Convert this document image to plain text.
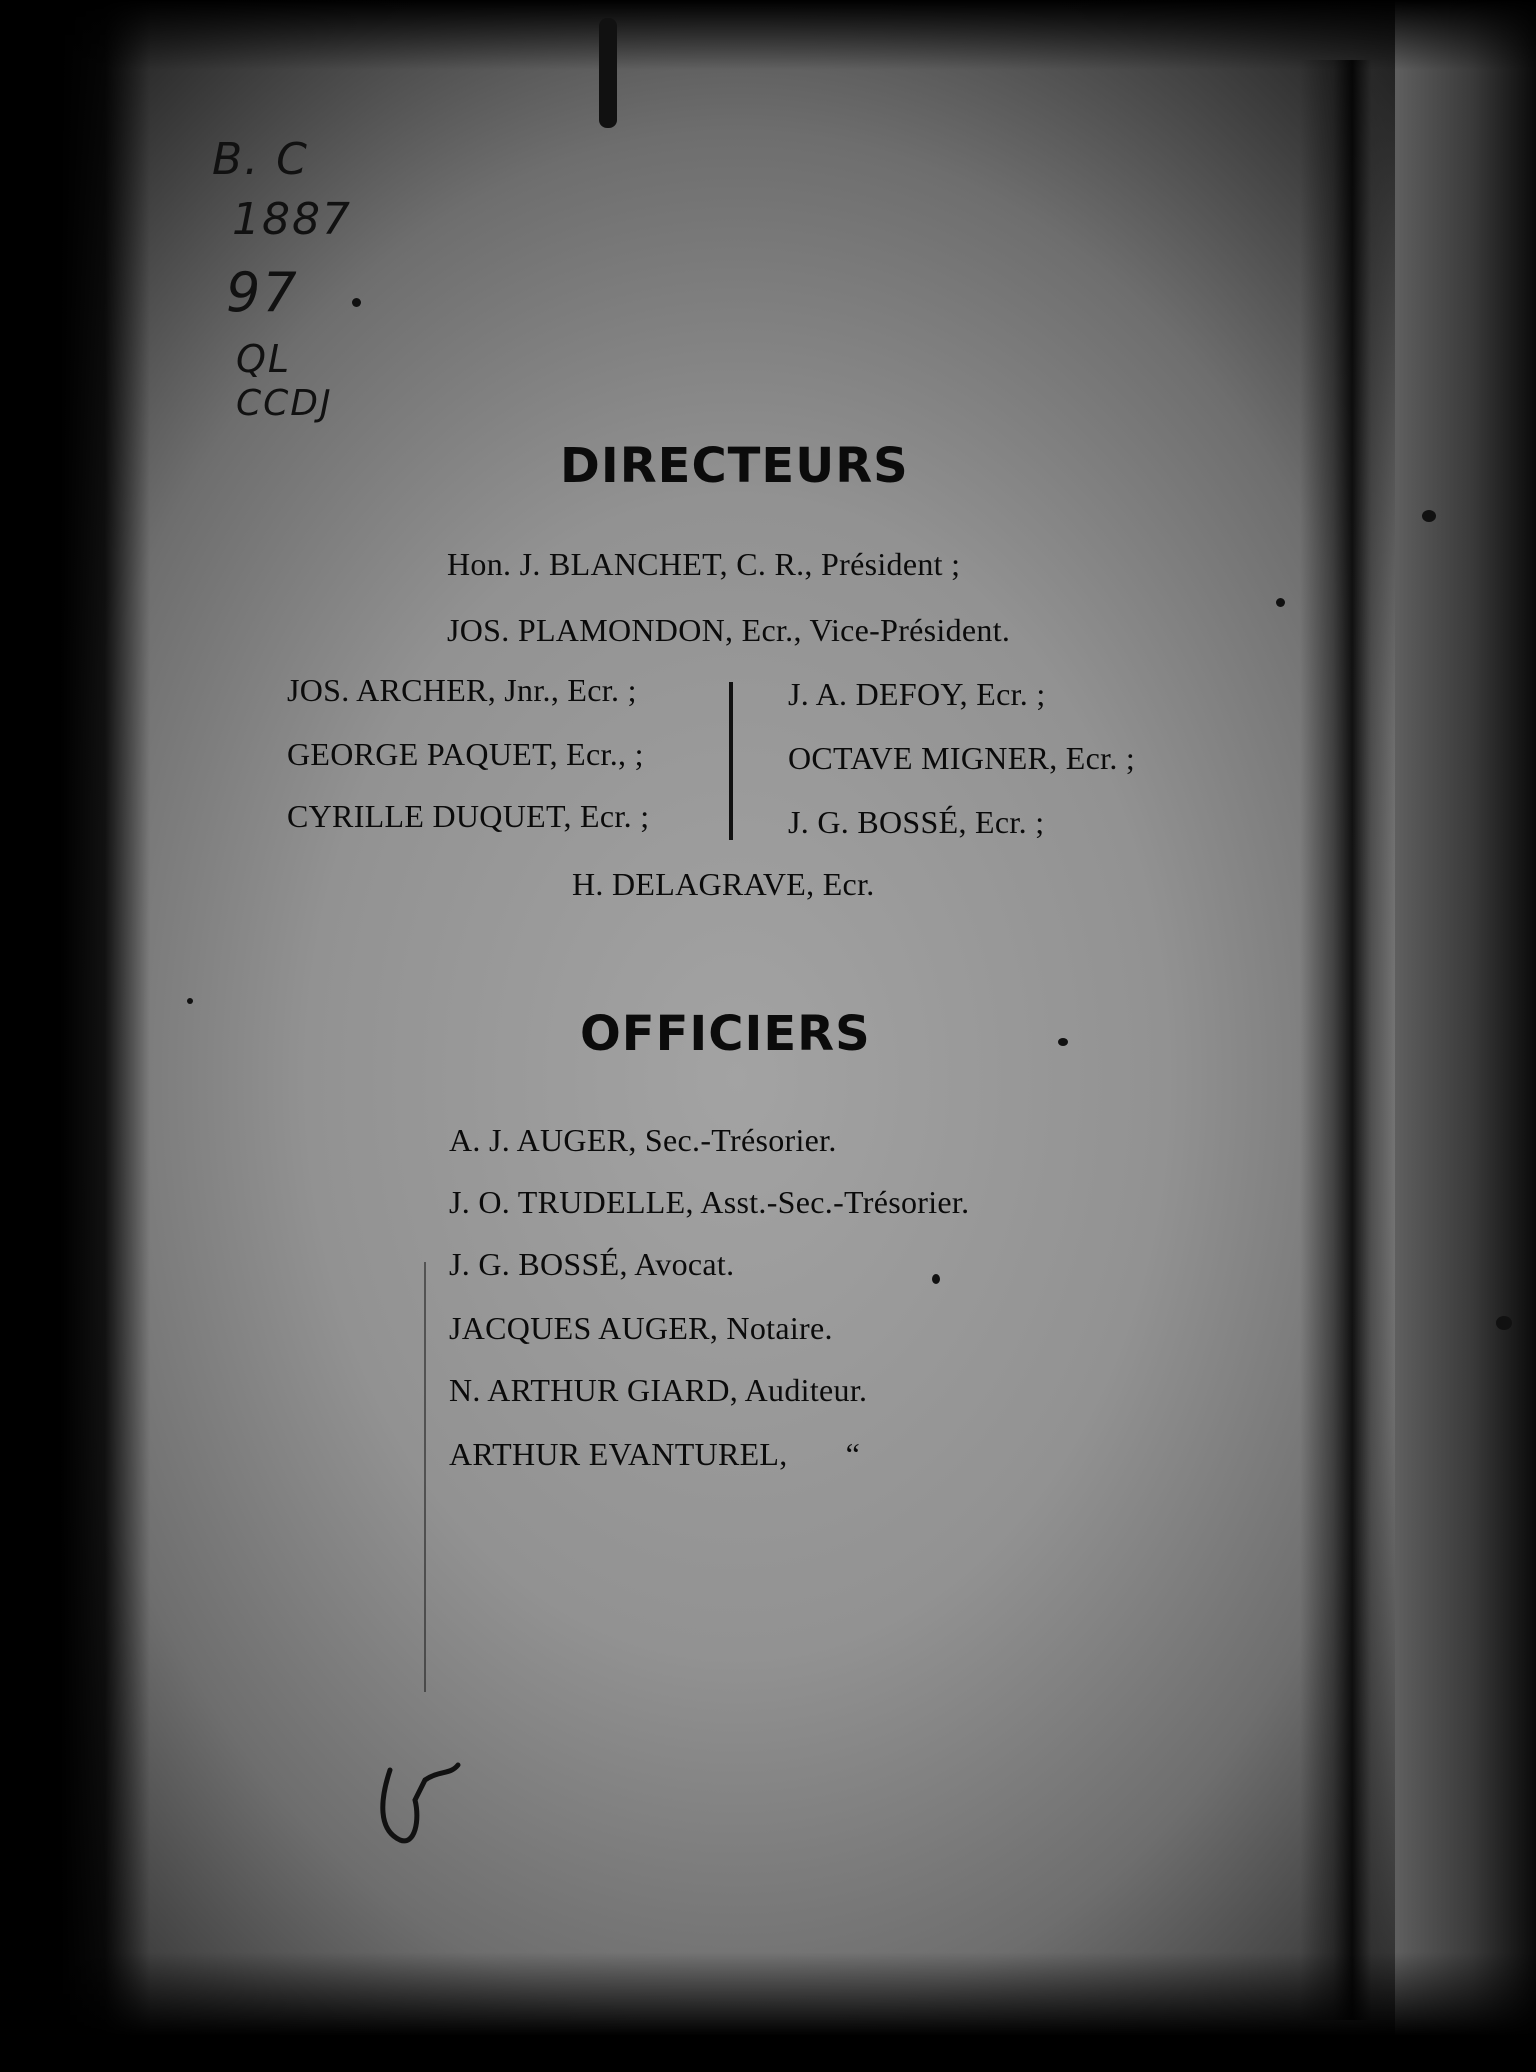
B. C
1887
97
QL
CCDJ
DIRECTEURS
Hon. J. BLANCHET, C. R., Président ;
JOS. PLAMONDON, Ecr., Vice-Président.
JOS. ARCHER, Jnr., Ecr. ;
GEORGE PAQUET, Ecr., ;
CYRILLE DUQUET, Ecr. ;
J. A. DEFOY, Ecr. ;
OCTAVE MIGNER, Ecr. ;
J. G. BOSSÉ, Ecr. ;
H. DELAGRAVE, Ecr.
OFFICIERS
A. J. AUGER, Sec.-Trésorier.
J. O. TRUDELLE, Asst.-Sec.-Trésorier.
J. G. BOSSÉ, Avocat.
JACQUES AUGER, Notaire.
N. ARTHUR GIARD, Auditeur.
ARTHUR EVANTUREL,       “
